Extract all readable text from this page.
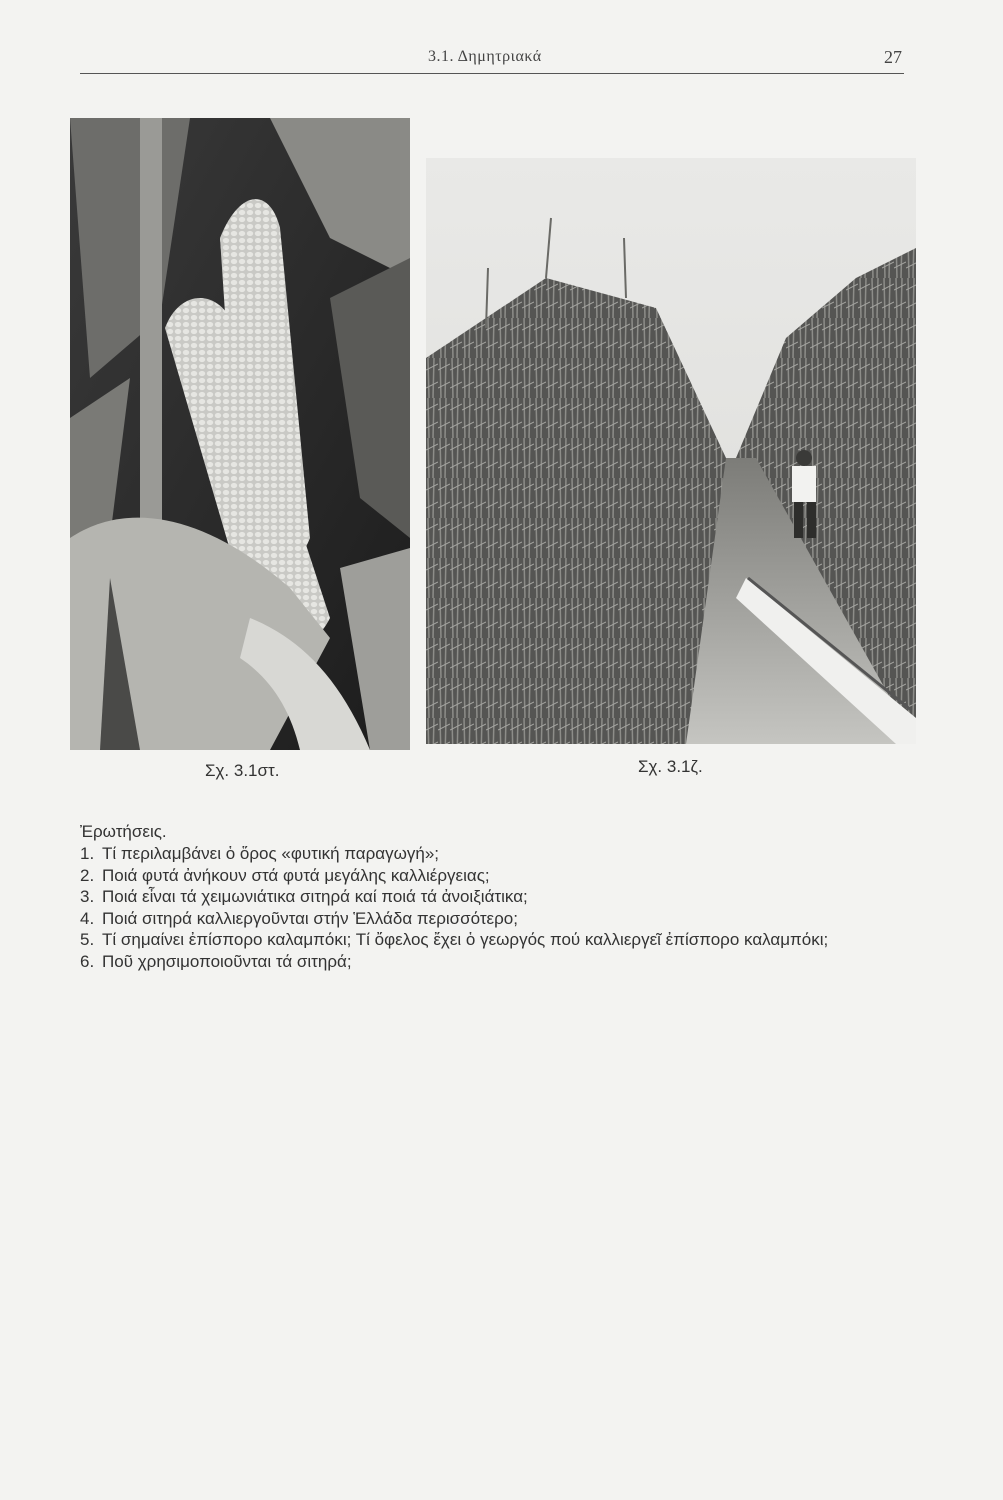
3.1. Δημητριακά	27
Σχ. 3.1στ.	Σχ. 3.1ζ.
Ἐρωτήσεις.
1. Τί περιλαμβάνει ὁ ὅρος «φυτική παραγωγή»;
2. Ποιά φυτά ἀνήκουν στά φυτά μεγάλης καλλιέργειας;
3. Ποιά εἶναι τά χειμωνιάτικα σιτηρά καί ποιά τά ἀνοιξιάτικα;
4. Ποιά σιτηρά καλλιεργοῦνται στήν Ἑλλάδα περισσότερο;
5. Τί σημαίνει ἐπίσπορο καλαμπόκι; Τί ὄφελος ἔχει ὁ γεωργός πού καλλιεργεῖ ἐπίσπορο καλαμπόκι;
6. Ποῦ χρησιμοποιοῦνται τά σιτηρά;
